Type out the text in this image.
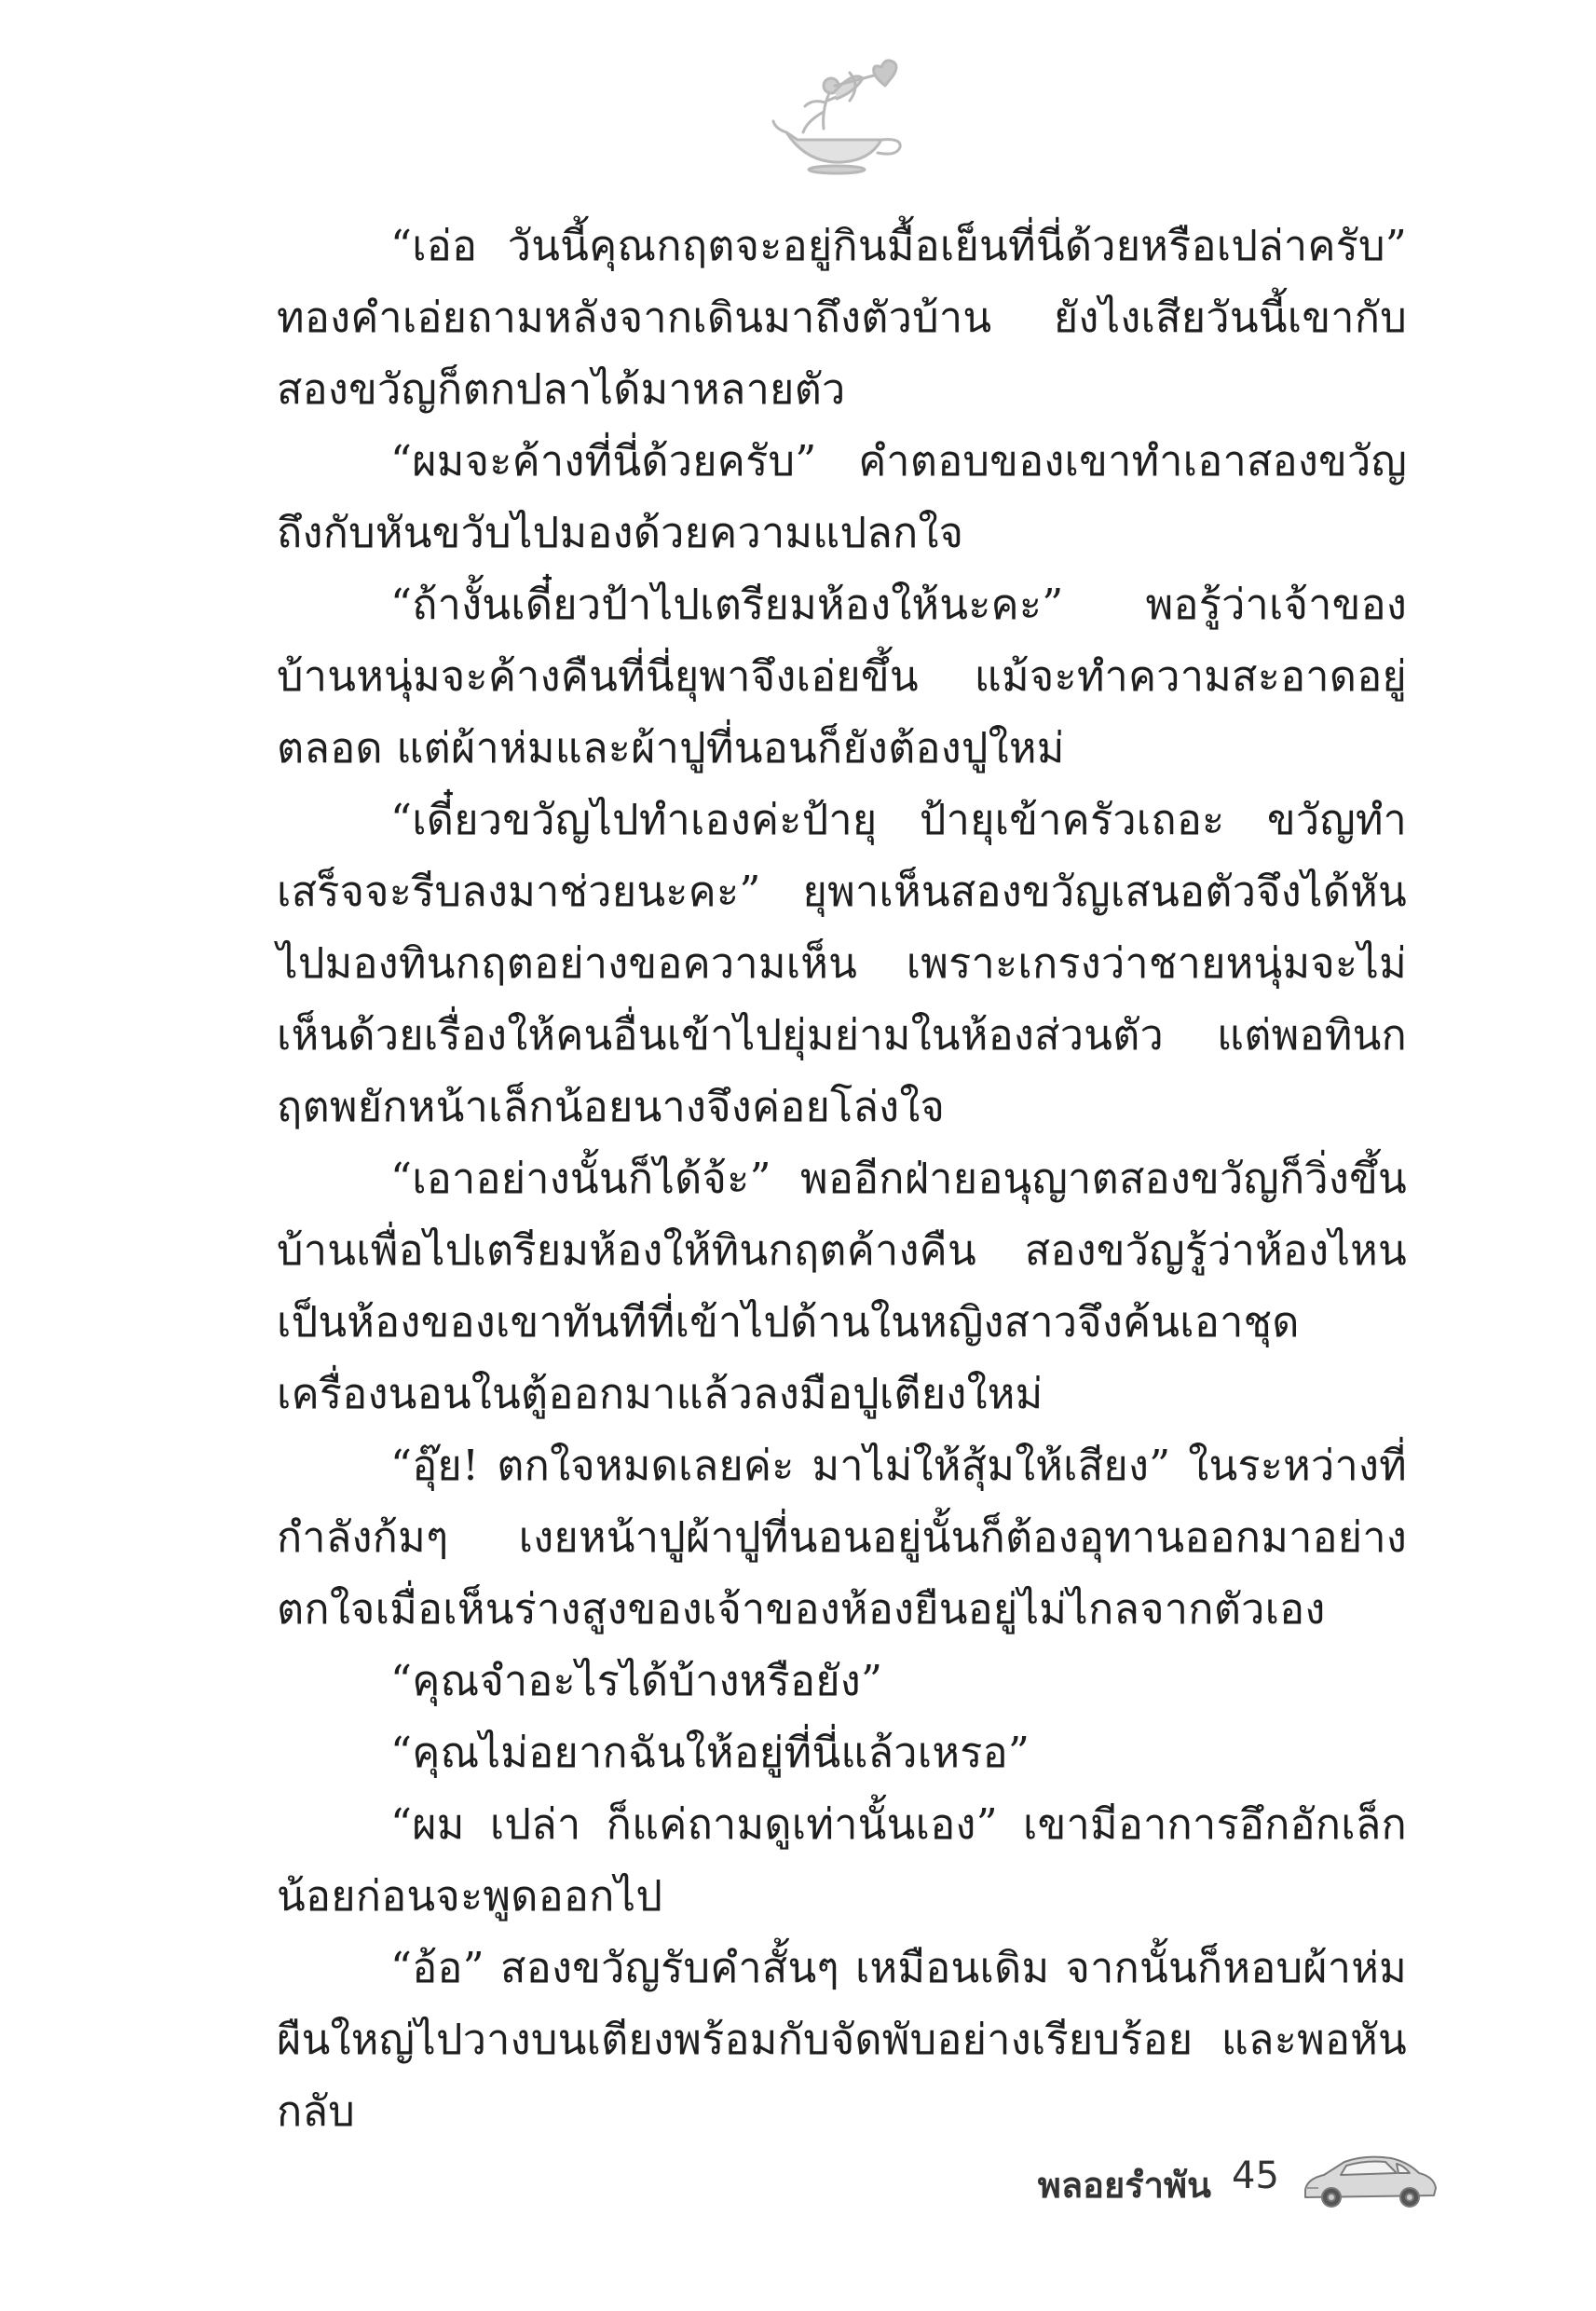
“เอ่อ วันนี้คุณกฤตจะอยู่กินมื้อเย็นที่นี่ด้วยหรือเปล่าครับ” ทองคำเอ่ยถามหลังจากเดินมาถึงตัวบ้าน ยังไงเสียวันนี้เขากับสองขวัญก็ตกปลาได้มาหลายตัว

“ผมจะค้างที่นี่ด้วยครับ” คำตอบของเขาทำเอาสองขวัญถึงกับหันขวับไปมองด้วยความแปลกใจ

“ถ้างั้นเดี๋ยวป้าไปเตรียมห้องให้นะคะ” พอรู้ว่าเจ้าของบ้านหนุ่มจะค้างคืนที่นี่ยุพาจึงเอ่ยขึ้น แม้จะทำความสะอาดอยู่ตลอด แต่ผ้าห่มและผ้าปูที่นอนก็ยังต้องปูใหม่

“เดี๋ยวขวัญไปทำเองค่ะป้ายุ ป้ายุเข้าครัวเถอะ ขวัญทำเสร็จจะรีบลงมาช่วยนะคะ” ยุพาเห็นสองขวัญเสนอตัวจึงได้หันไปมองทินกฤตอย่างขอความเห็น เพราะเกรงว่าชายหนุ่มจะไม่เห็นด้วยเรื่องให้คนอื่นเข้าไปยุ่มย่ามในห้องส่วนตัว แต่พอทินกฤตพยักหน้าเล็กน้อยนางจึงค่อยโล่งใจ

“เอาอย่างนั้นก็ได้จ้ะ” พออีกฝ่ายอนุญาตสองขวัญก็วิ่งขึ้นบ้านเพื่อไปเตรียมห้องให้ทินกฤตค้างคืน สองขวัญรู้ว่าห้องไหนเป็นห้องของเขาทันทีที่เข้าไปด้านในหญิงสาวจึงค้นเอาชุดเครื่องนอนในตู้ออกมาแล้วลงมือปูเตียงใหม่

“อุ๊ย! ตกใจหมดเลยค่ะ มาไม่ให้สุ้มให้เสียง” ในระหว่างที่กำลังก้มๆ เงยหน้าปูผ้าปูที่นอนอยู่นั้นก็ต้องอุทานออกมาอย่างตกใจเมื่อเห็นร่างสูงของเจ้าของห้องยืนอยู่ไม่ไกลจากตัวเอง

“คุณจำอะไรได้บ้างหรือยัง”

“คุณไม่อยากฉันให้อยู่ที่นี่แล้วเหรอ”

“ผม เปล่า ก็แค่ถามดูเท่านั้นเอง” เขามีอาการอึกอักเล็กน้อยก่อนจะพูดออกไป

“อ้อ” สองขวัญรับคำสั้นๆ เหมือนเดิม จากนั้นก็หอบผ้าห่มผืนใหญ่ไปวางบนเตียงพร้อมกับจัดพับอย่างเรียบร้อย และพอหันกลับ

พลอยรำพัน 45
